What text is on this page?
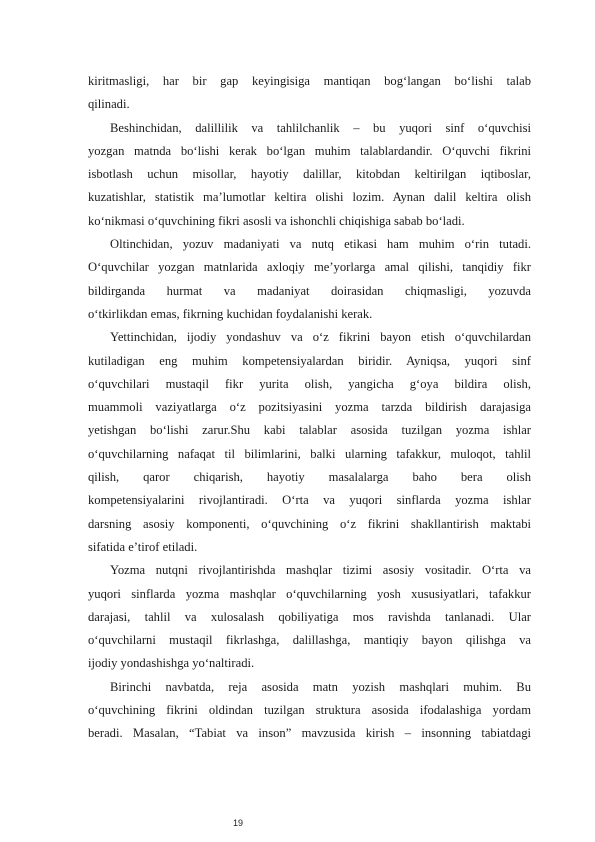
kiritmasligi, har bir gap keyingisiga mantiqan bog‘langan bo‘lishi talab
qilinadi.
Beshinchidan, dalillilik va tahlilchanlik – bu yuqori sinf o‘quvchisi
yozgan matnda bo‘lishi kerak bo‘lgan muhim talablardandir. O‘quvchi fikrini
isbotlash uchun misollar, hayotiy dalillar, kitobdan keltirilgan iqtiboslar,
kuzatishlar, statistik ma’lumotlar keltira olishi lozim. Aynan dalil keltira olish
ko‘nikmasi o‘quvchining fikri asosli va ishonchli chiqishiga sabab bo‘ladi.
Oltinchidan, yozuv madaniyati va nutq etikasi ham muhim o‘rin tutadi.
O‘quvchilar yozgan matnlarida axloqiy me’yorlarga amal qilishi, tanqidiy fikr
bildirganda hurmat va madaniyat doirasidan chiqmasligi, yozuvda
o‘tkirlikdan emas, fikrning kuchidan foydalanishi kerak.
Yettinchidan, ijodiy yondashuv va o‘z fikrini bayon etish o‘quvchilardan
kutiladigan eng muhim kompetensiyalardan biridir. Ayniqsa, yuqori sinf
o‘quvchilari mustaqil fikr yurita olish, yangicha g‘oya bildira olish,
muammoli vaziyatlarga o‘z pozitsiyasini yozma tarzda bildirish darajasiga
yetishgan bo‘lishi zarur.Shu kabi talablar asosida tuzilgan yozma ishlar
o‘quvchilarning nafaqat til bilimlarini, balki ularning tafakkur, muloqot, tahlil
qilish, qaror chiqarish, hayotiy masalalarga baho bera olish
kompetensiyalarini rivojlantiradi. O‘rta va yuqori sinflarda yozma ishlar
darsning asosiy komponenti, o‘quvchining o‘z fikrini shakllantirish maktabi
sifatida e’tirof etiladi.
Yozma nutqni rivojlantirishda mashqlar tizimi asosiy vositadir. O‘rta va
yuqori sinflarda yozma mashqlar o‘quvchilarning yosh xususiyatlari, tafakkur
darajasi, tahlil va xulosalash qobiliyatiga mos ravishda tanlanadi. Ular
o‘quvchilarni mustaqil fikrlashga, dalillashga, mantiqiy bayon qilishga va
ijodiy yondashishga yo‘naltiradi.
Birinchi navbatda, reja asosida matn yozish mashqlari muhim. Bu
o‘quvchining fikrini oldindan tuzilgan struktura asosida ifodalashiga yordam
beradi. Masalan, “Tabiat va inson” mavzusida kirish – insonning tabiatdagi
19
